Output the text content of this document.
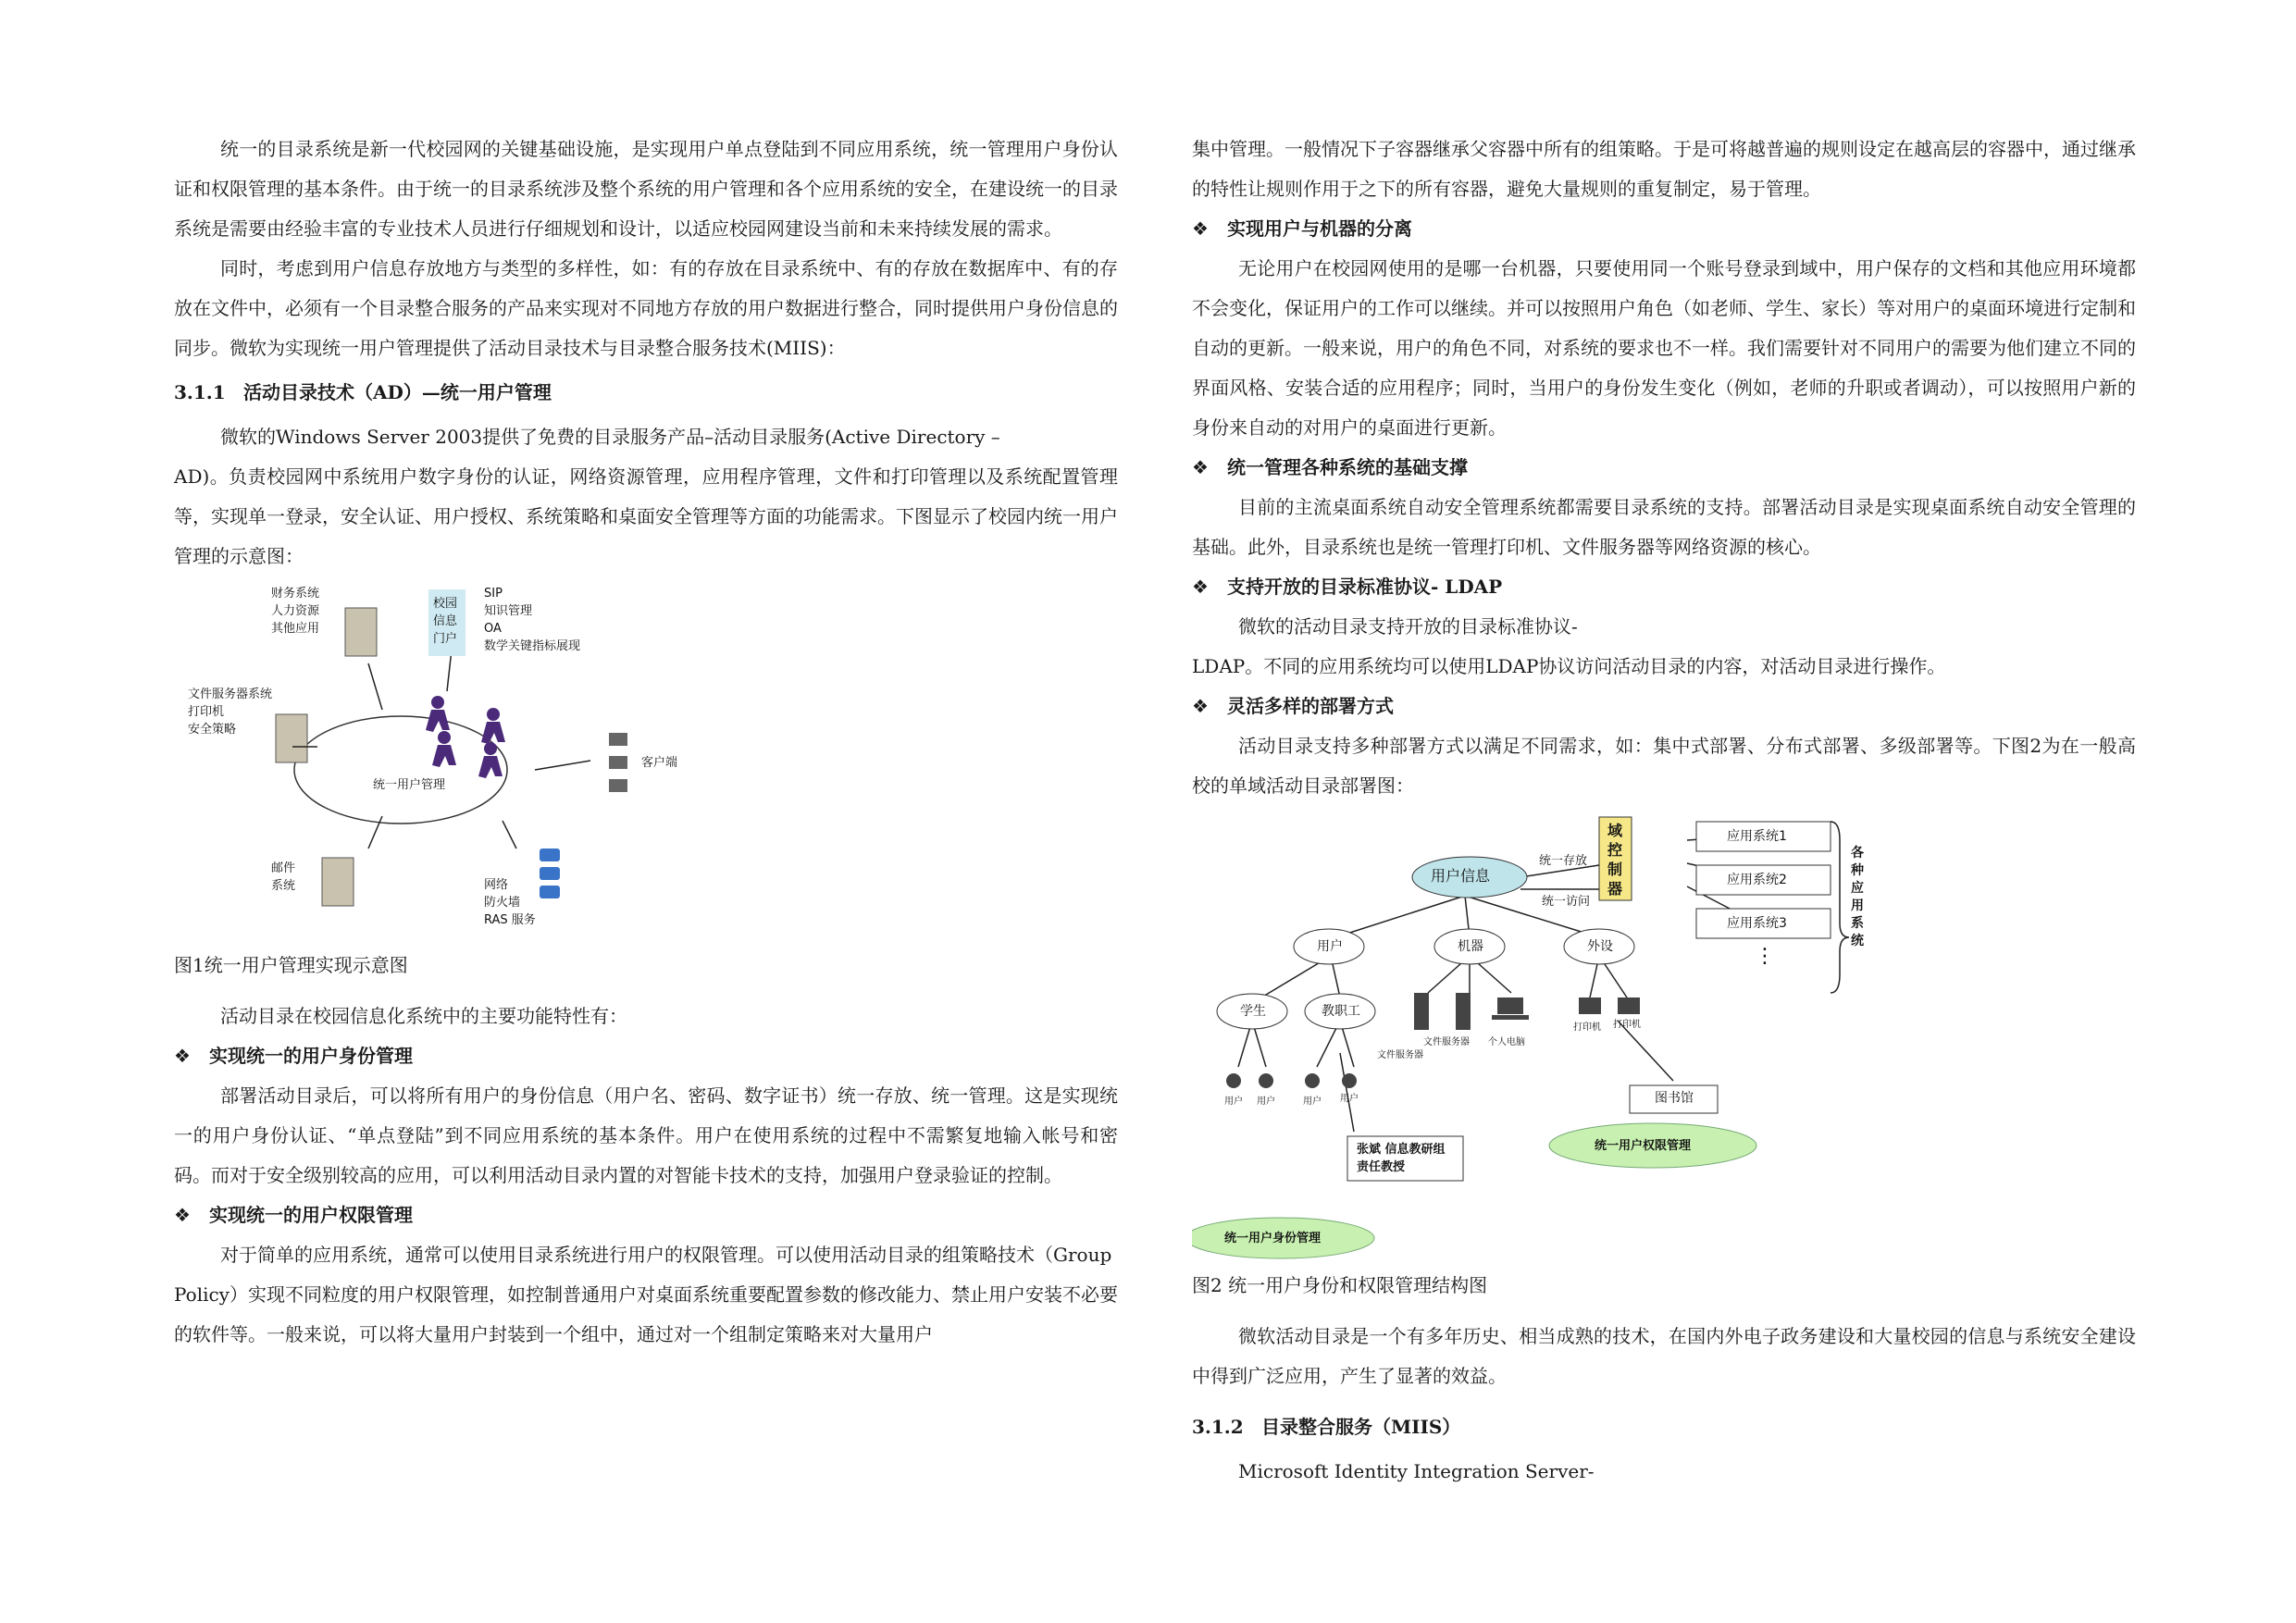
统一的目录系统是新一代校园网的关键基础设施，是实现用户单点登陆到不同应用系统，统一管理用户身份认证和权限管理的基本条件。由于统一的目录系统涉及整个系统的用户管理和各个应用系统的安全，在建设统一的目录系统是需要由经验丰富的专业技术人员进行仔细规划和设计，以适应校园网建设当前和未来持续发展的需求。

同时，考虑到用户信息存放地方与类型的多样性，如：有的存放在目录系统中、有的存放在数据库中、有的存放在文件中，必须有一个目录整合服务的产品来实现对不同地方存放的用户数据进行整合，同时提供用户身份信息的同步。微软为实现统一用户管理提供了活动目录技术与目录整合服务技术(MIIS)：

3.1.1 活动目录技术（AD）—统一用户管理

微软的Windows Server 2003提供了免费的目录服务产品–活动目录服务(Active Directory –

AD)。负责校园网中系统用户数字身份的认证，网络资源管理，应用程序管理，文件和打印管理以及系统配置管理等，实现单一登录，安全认证、用户授权、系统策略和桌面安全管理等方面的功能需求。下图显示了校园内统一用户管理的示意图：

财务系统
人力资源
其他应用
校园
信息
门户
SIP
知识管理
OA
数学关键指标展现
文件服务器系统
打印机
安全策略
统一用户管理
客户端
邮件
系统	网络
防火墙
RAS 服务
图1统一用户管理实现示意图

活动目录在校园信息化系统中的主要功能特性有：

❖ 实现统一的用户身份管理

部署活动目录后，可以将所有用户的身份信息（用户名、密码、数字证书）统一存放、统一管理。这是实现统一的用户身份认证、“单点登陆”到不同应用系统的基本条件。用户在使用系统的过程中不需繁复地输入帐号和密码。而对于安全级别较高的应用，可以利用活动目录内置的对智能卡技术的支持，加强用户登录验证的控制。

❖ 实现统一的用户权限管理

对于简单的应用系统，通常可以使用目录系统进行用户的权限管理。可以使用活动目录的组策略技术（Group

Policy）实现不同粒度的用户权限管理，如控制普通用户对桌面系统重要配置参数的修改能力、禁止用户安装不必要的软件等。一般来说，可以将大量用户封装到一个组中，通过对一个组制定策略来对大量用户

集中管理。一般情况下子容器继承父容器中所有的组策略。于是可将越普遍的规则设定在越高层的容器中，通过继承的特性让规则作用于之下的所有容器，避免大量规则的重复制定，易于管理。

❖ 实现用户与机器的分离

无论用户在校园网使用的是哪一台机器，只要使用同一个账号登录到域中，用户保存的文档和其他应用环境都不会变化，保证用户的工作可以继续。并可以按照用户角色（如老师、学生、家长）等对用户的桌面环境进行定制和自动的更新。一般来说，用户的角色不同，对系统的要求也不一样。我们需要针对不同用户的需要为他们建立不同的界面风格、安装合适的应用程序；同时，当用户的身份发生变化（例如，老师的升职或者调动），可以按照用户新的身份来自动的对用户的桌面进行更新。

❖ 统一管理各种系统的基础支撑

目前的主流桌面系统自动安全管理系统都需要目录系统的支持。部署活动目录是实现桌面系统自动安全管理的基础。此外，目录系统也是统一管理打印机、文件服务器等网络资源的核心。

❖ 支持开放的目录标准协议- LDAP

微软的活动目录支持开放的目录标准协议-

LDAP。不同的应用系统均可以使用LDAP协议访问活动目录的内容，对活动目录进行操作。

❖ 灵活多样的部署方式

活动目录支持多种部署方式以满足不同需求，如：集中式部署、分布式部署、多级部署等。下图2为在一般高校的单域活动目录部署图：

用户信息
统一存放
统一访问
域
控
制
器
应用系统1
应用系统2
应用系统3
⋮
各
种
应
用
系
统
用户	机器	外设
学生	教职工
文件服务器
文件服务器 个人电脑
打印机 打印机
图书馆
用户 用户	用户 用户
张斌 信息教研组
责任教授
统一用户权限管理
统一用户身份管理
图2 统一用户身份和权限管理结构图

微软活动目录是一个有多年历史、相当成熟的技术，在国内外电子政务建设和大量校园的信息与系统安全建设中得到广泛应用，产生了显著的效益。

3.1.2 目录整合服务（MIIS）

Microsoft Identity Integration Server-
